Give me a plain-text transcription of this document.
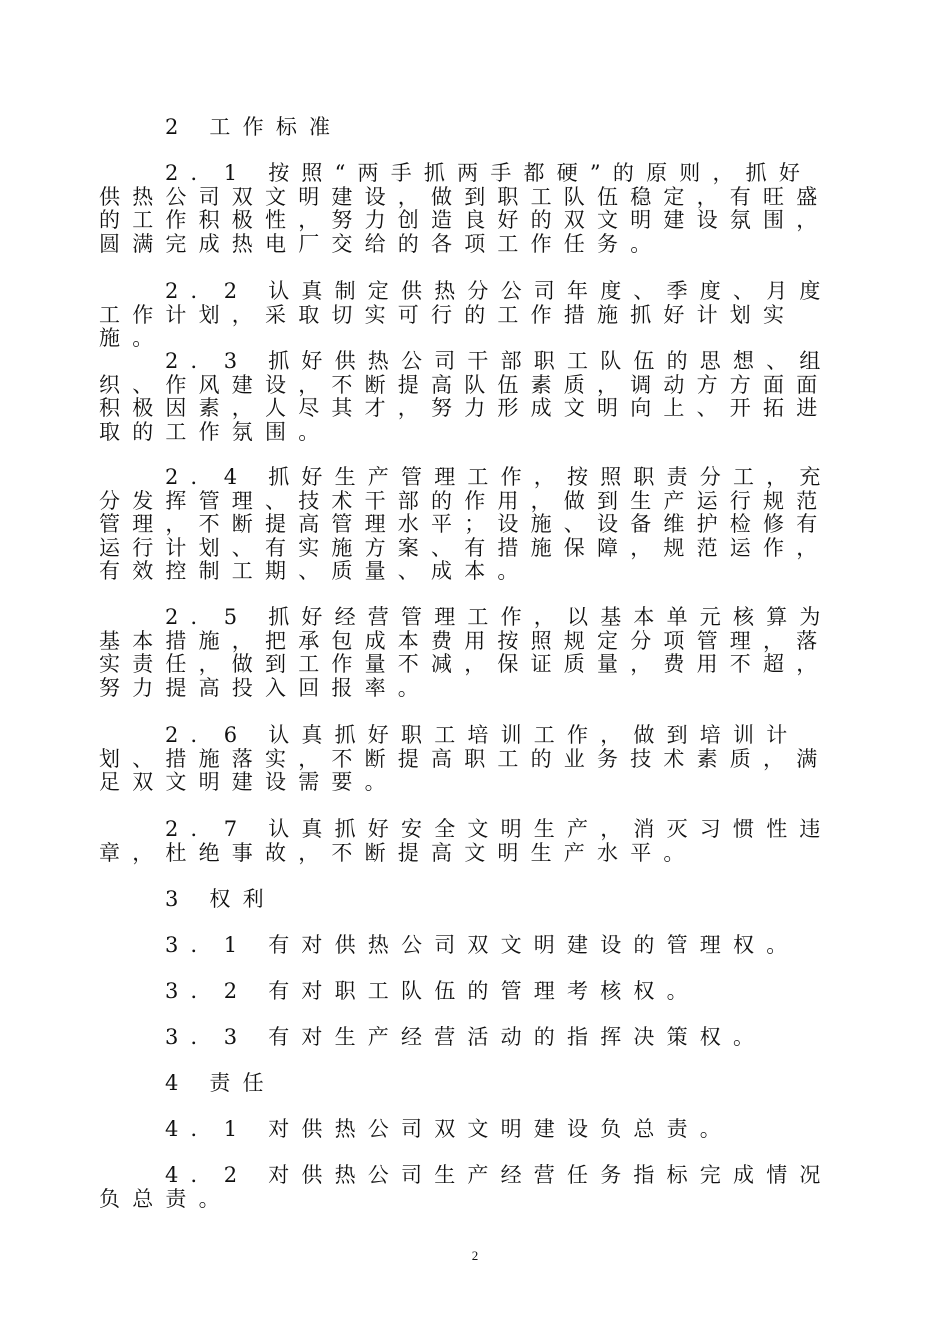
2 工作标准

2．1 按照“两手抓两手都硬”的原则，抓好供热公司双文明建设，做到职工队伍稳定，有旺盛的工作积极性，努力创造良好的双文明建设氛围，圆满完成热电厂交给的各项工作任务。

2．2 认真制定供热分公司年度、季度、月度工作计划，采取切实可行的工作措施抓好计划实施。

2．3 抓好供热公司干部职工队伍的思想、组织、作风建设，不断提高队伍素质，调动方方面面积极因素，人尽其才，努力形成文明向上、开拓进取的工作氛围。

2．4 抓好生产管理工作，按照职责分工，充分发挥管理、技术干部的作用，做到生产运行规范管理，不断提高管理水平；设施、设备维护检修有运行计划、有实施方案、有措施保障，规范运作，有效控制工期、质量、成本。

2．5 抓好经营管理工作，以基本单元核算为基本措施，把承包成本费用按照规定分项管理，落实责任，做到工作量不减，保证质量，费用不超，努力提高投入回报率。

2．6 认真抓好职工培训工作，做到培训计划、措施落实，不断提高职工的业务技术素质，满足双文明建设需要。

2．7 认真抓好安全文明生产，消灭习惯性违章，杜绝事故，不断提高文明生产水平。

3 权利

3．1 有对供热公司双文明建设的管理权。

3．2 有对职工队伍的管理考核权。

3．3 有对生产经营活动的指挥决策权。

4 责任

4．1 对供热公司双文明建设负总责。

4．2 对供热公司生产经营任务指标完成情况负总责。

2
